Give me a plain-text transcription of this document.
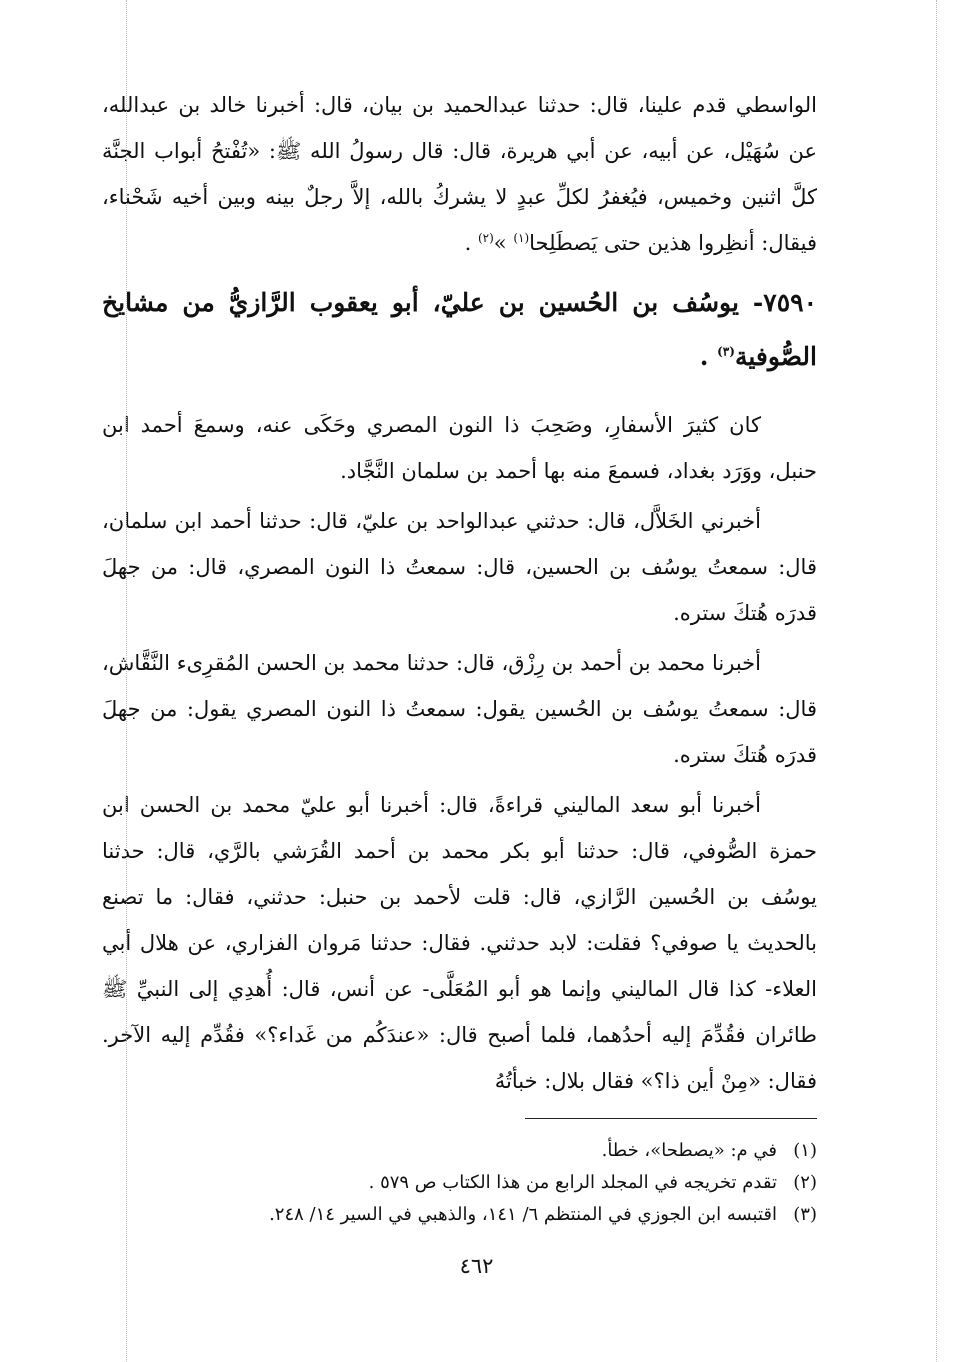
الواسطي قدم علينا، قال: حدثنا عبدالحميد بن بيان، قال: أخبرنا خالد بن عبدالله، عن سُهَيْل، عن أبيه، عن أبي هريرة، قال: قال رسولُ الله ﷺ: «تُفْتحُ أبواب الجنَّة كلَّ اثنين وخميس، فيُغفرُ لكلِّ عبدٍ لا يشركُ بالله، إلاَّ رجلٌ بينه وبين أخيه شَحْناء، فيقال: أنظِروا هذين حتى يَصطَلِحا$^{(١)}$ »$^{(٢)}$ .

٧٥٩٠- يوسُف بن الحُسين بن عليّ، أبو يعقوب الرَّازيُّ من مشايخ الصُّوفية$^{(٣)}$ .

كان كثيرَ الأسفارِ، وصَحِبَ ذا النون المصري وحَكَى عنه، وسمعَ أحمد ابن حنبل، ووَرَد بغداد، فسمعَ منه بها أحمد بن سلمان النَّجَّاد.

أخبرني الخَلاَّل، قال: حدثني عبدالواحد بن عليّ، قال: حدثنا أحمد ابن سلمان، قال: سمعتُ يوسُف بن الحسين، قال: سمعتُ ذا النون المصري، قال: من جهلَ قدرَه هُتكَ ستره.

أخبرنا محمد بن أحمد بن رِزْق، قال: حدثنا محمد بن الحسن المُقرِىء النَّقَّاش، قال: سمعتُ يوسُف بن الحُسين يقول: سمعتُ ذا النون المصري يقول: من جهلَ قدرَه هُتكَ ستره.

أخبرنا أبو سعد الماليني قراءةً، قال: أخبرنا أبو عليّ محمد بن الحسن ابن حمزة الصُّوفي، قال: حدثنا أبو بكر محمد بن أحمد القُرَشي بالرَّي، قال: حدثنا يوسُف بن الحُسين الرَّازي، قال: قلت لأحمد بن حنبل: حدثني، فقال: ما تصنع بالحديث يا صوفي؟ فقلت: لابد حدثني. فقال: حدثنا مَروان الفزاري، عن هلال أبي العلاء- كذا قال الماليني وإنما هو أبو المُعَلَّى- عن أنس، قال: أُهدِي إلى النبيِّ ﷺ طائران فقُدِّمَ إليه أحدُهما، فلما أصبح قال: «عندَكُم من غَداء؟» فقُدِّم إليه الآخر. فقال: «مِنْ أين ذا؟» فقال بلال: خبأتُهُ

(١)في م: «يصطحا»، خطأ.

(٢)تقدم تخريجه في المجلد الرابع من هذا الكتاب ص ٥٧٩ .

(٣)اقتبسه ابن الجوزي في المنتظم ٦/ ١٤١، والذهبي في السير ١٤/ ٢٤٨.

٤٦٢
